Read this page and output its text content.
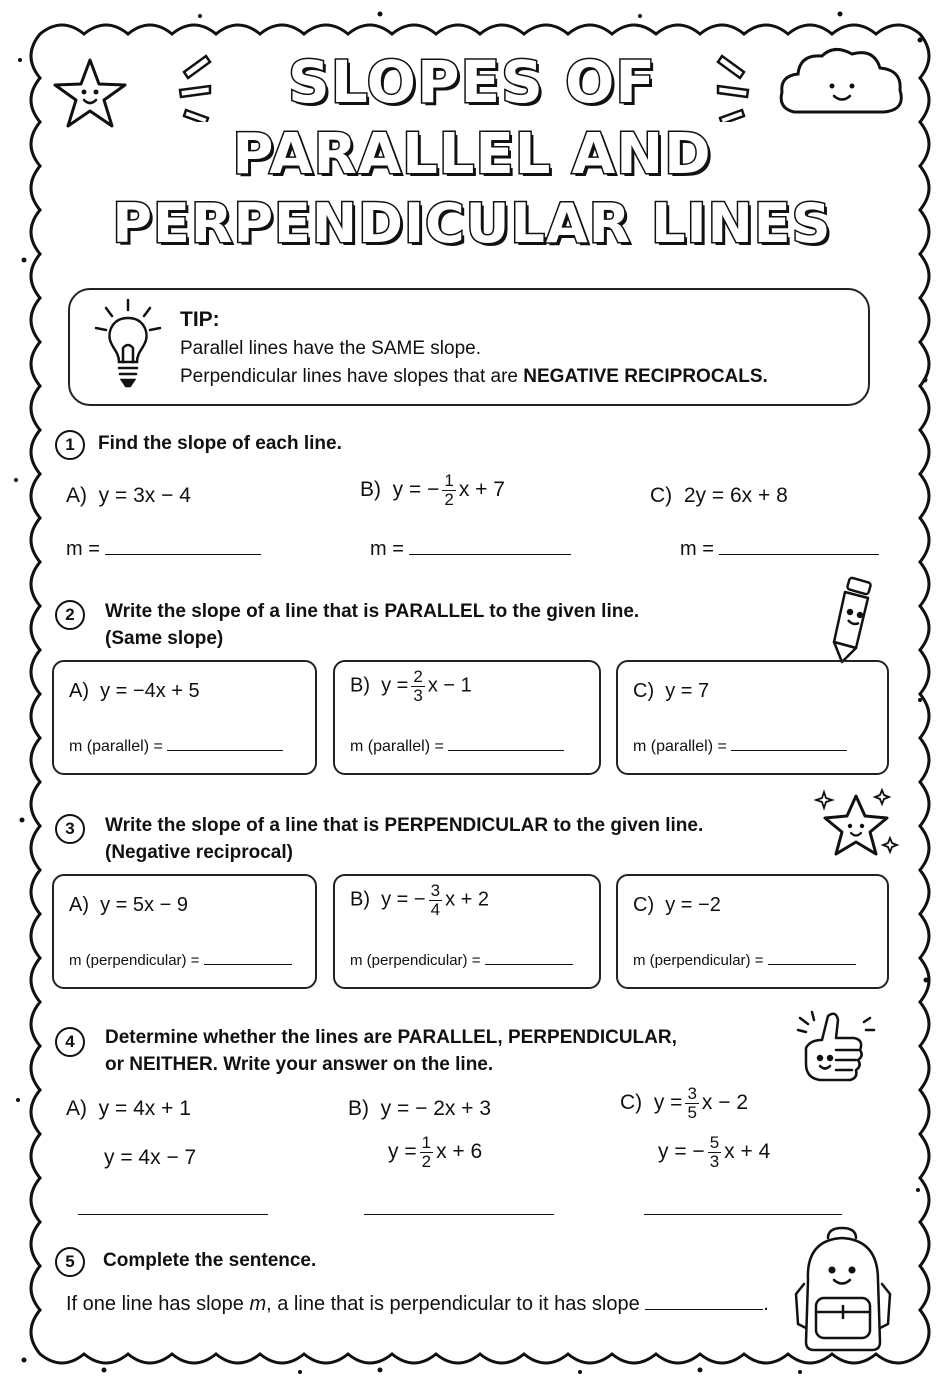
SLOPES OF
PARALLEL AND
PERPENDICULAR LINES
TIP:
Parallel lines have the SAME slope.
Perpendicular lines have slopes that are NEGATIVE RECIPROCALS.
1	Find the slope of each line.
A) y = 3x − 4	B) y = − $\frac{1}{2}$ x + 7	C) 2y = 6x + 8
m =	m =	m =
2	Write the slope of a line that is PARALLEL to the given line.
(Same slope)
A) y = −4x + 5
m (parallel) =
B) $y = \frac{2}{3}$ x − 1
m (parallel) =
C) y = 7
m (parallel) =
3	Write the slope of a line that is PERPENDICULAR to the given line.
(Negative reciprocal)
A) y = 5x − 9
m (perpendicular) =
B) y = − $\frac{3}{4}$ x + 2
m (perpendicular) =
C) y = −2
m (perpendicular) =
4	Determine whether the lines are PARALLEL, PERPENDICULAR,
or NEITHER. Write your answer on the line.
A) y = 4x + 1
y = 4x − 7
B) y = − 2x + 3
$y = \frac{1}{2}$ x + 6
C) $y = \frac{3}{5}$ x − 2
y = − $\frac{5}{3}$ x + 4
5	Complete the sentence.
If one line has slope m, a line that is perpendicular to it has slope	.
